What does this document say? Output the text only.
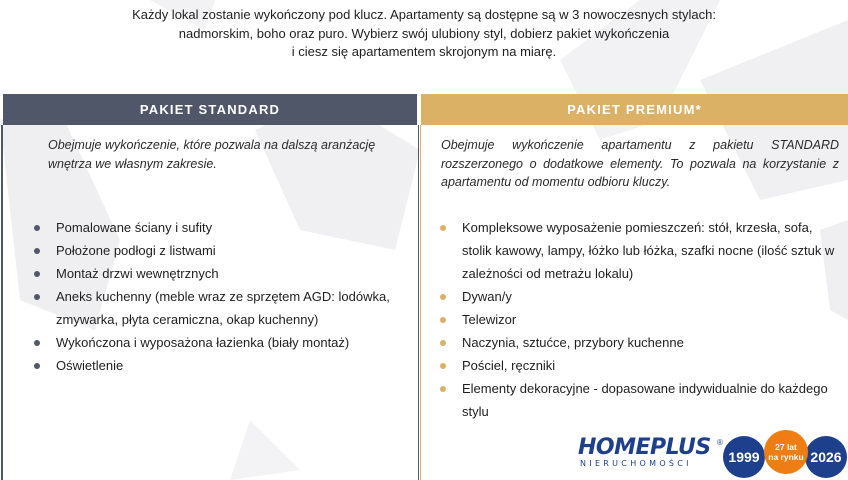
Każdy lokal zostanie wykończony pod klucz. Apartamenty są dostępne są w 3 nowoczesnych stylach:
nadmorskim, boho oraz puro. Wybierz swój ulubiony styl, dobierz pakiet wykończenia
i ciesz się apartamentem skrojonym na miarę.
PAKIET STANDARD	PAKIET PREMIUM*
Obejmuje wykończenie, które pozwala na dalszą aranżację wnętrza we własnym zakresie.
Obejmuje wykończenie apartamentu z pakietu STANDARD rozszerzonego o dodatkowe elementy. To pozwala na korzystanie z apartamentu od momentu odbioru kluczy.
Pomalowane ściany i sufity
Położone podłogi z listwami
Montaż drzwi wewnętrznych
Aneks kuchenny (meble wraz ze sprzętem AGD: lodówka, zmywarka, płyta ceramiczna, okap kuchenny)
Wykończona i wyposażona łazienka (biały montaż)
Oświetlenie
Kompleksowe wyposażenie pomieszczeń: stół, krzesła, sofa, stolik kawowy, lampy, łóżko lub łóżka, szafki nocne (ilość sztuk w zależności od metrażu lokalu)
Dywan/y
Telewizor
Naczynia, sztućce, przybory kuchenne
Pościel, ręczniki
Elementy dekoracyjne - dopasowane indywidualnie do każdego stylu
HOMEPLUS
NIERUCHOMOŚCI
®
1999	2026
27 lat
na rynku
